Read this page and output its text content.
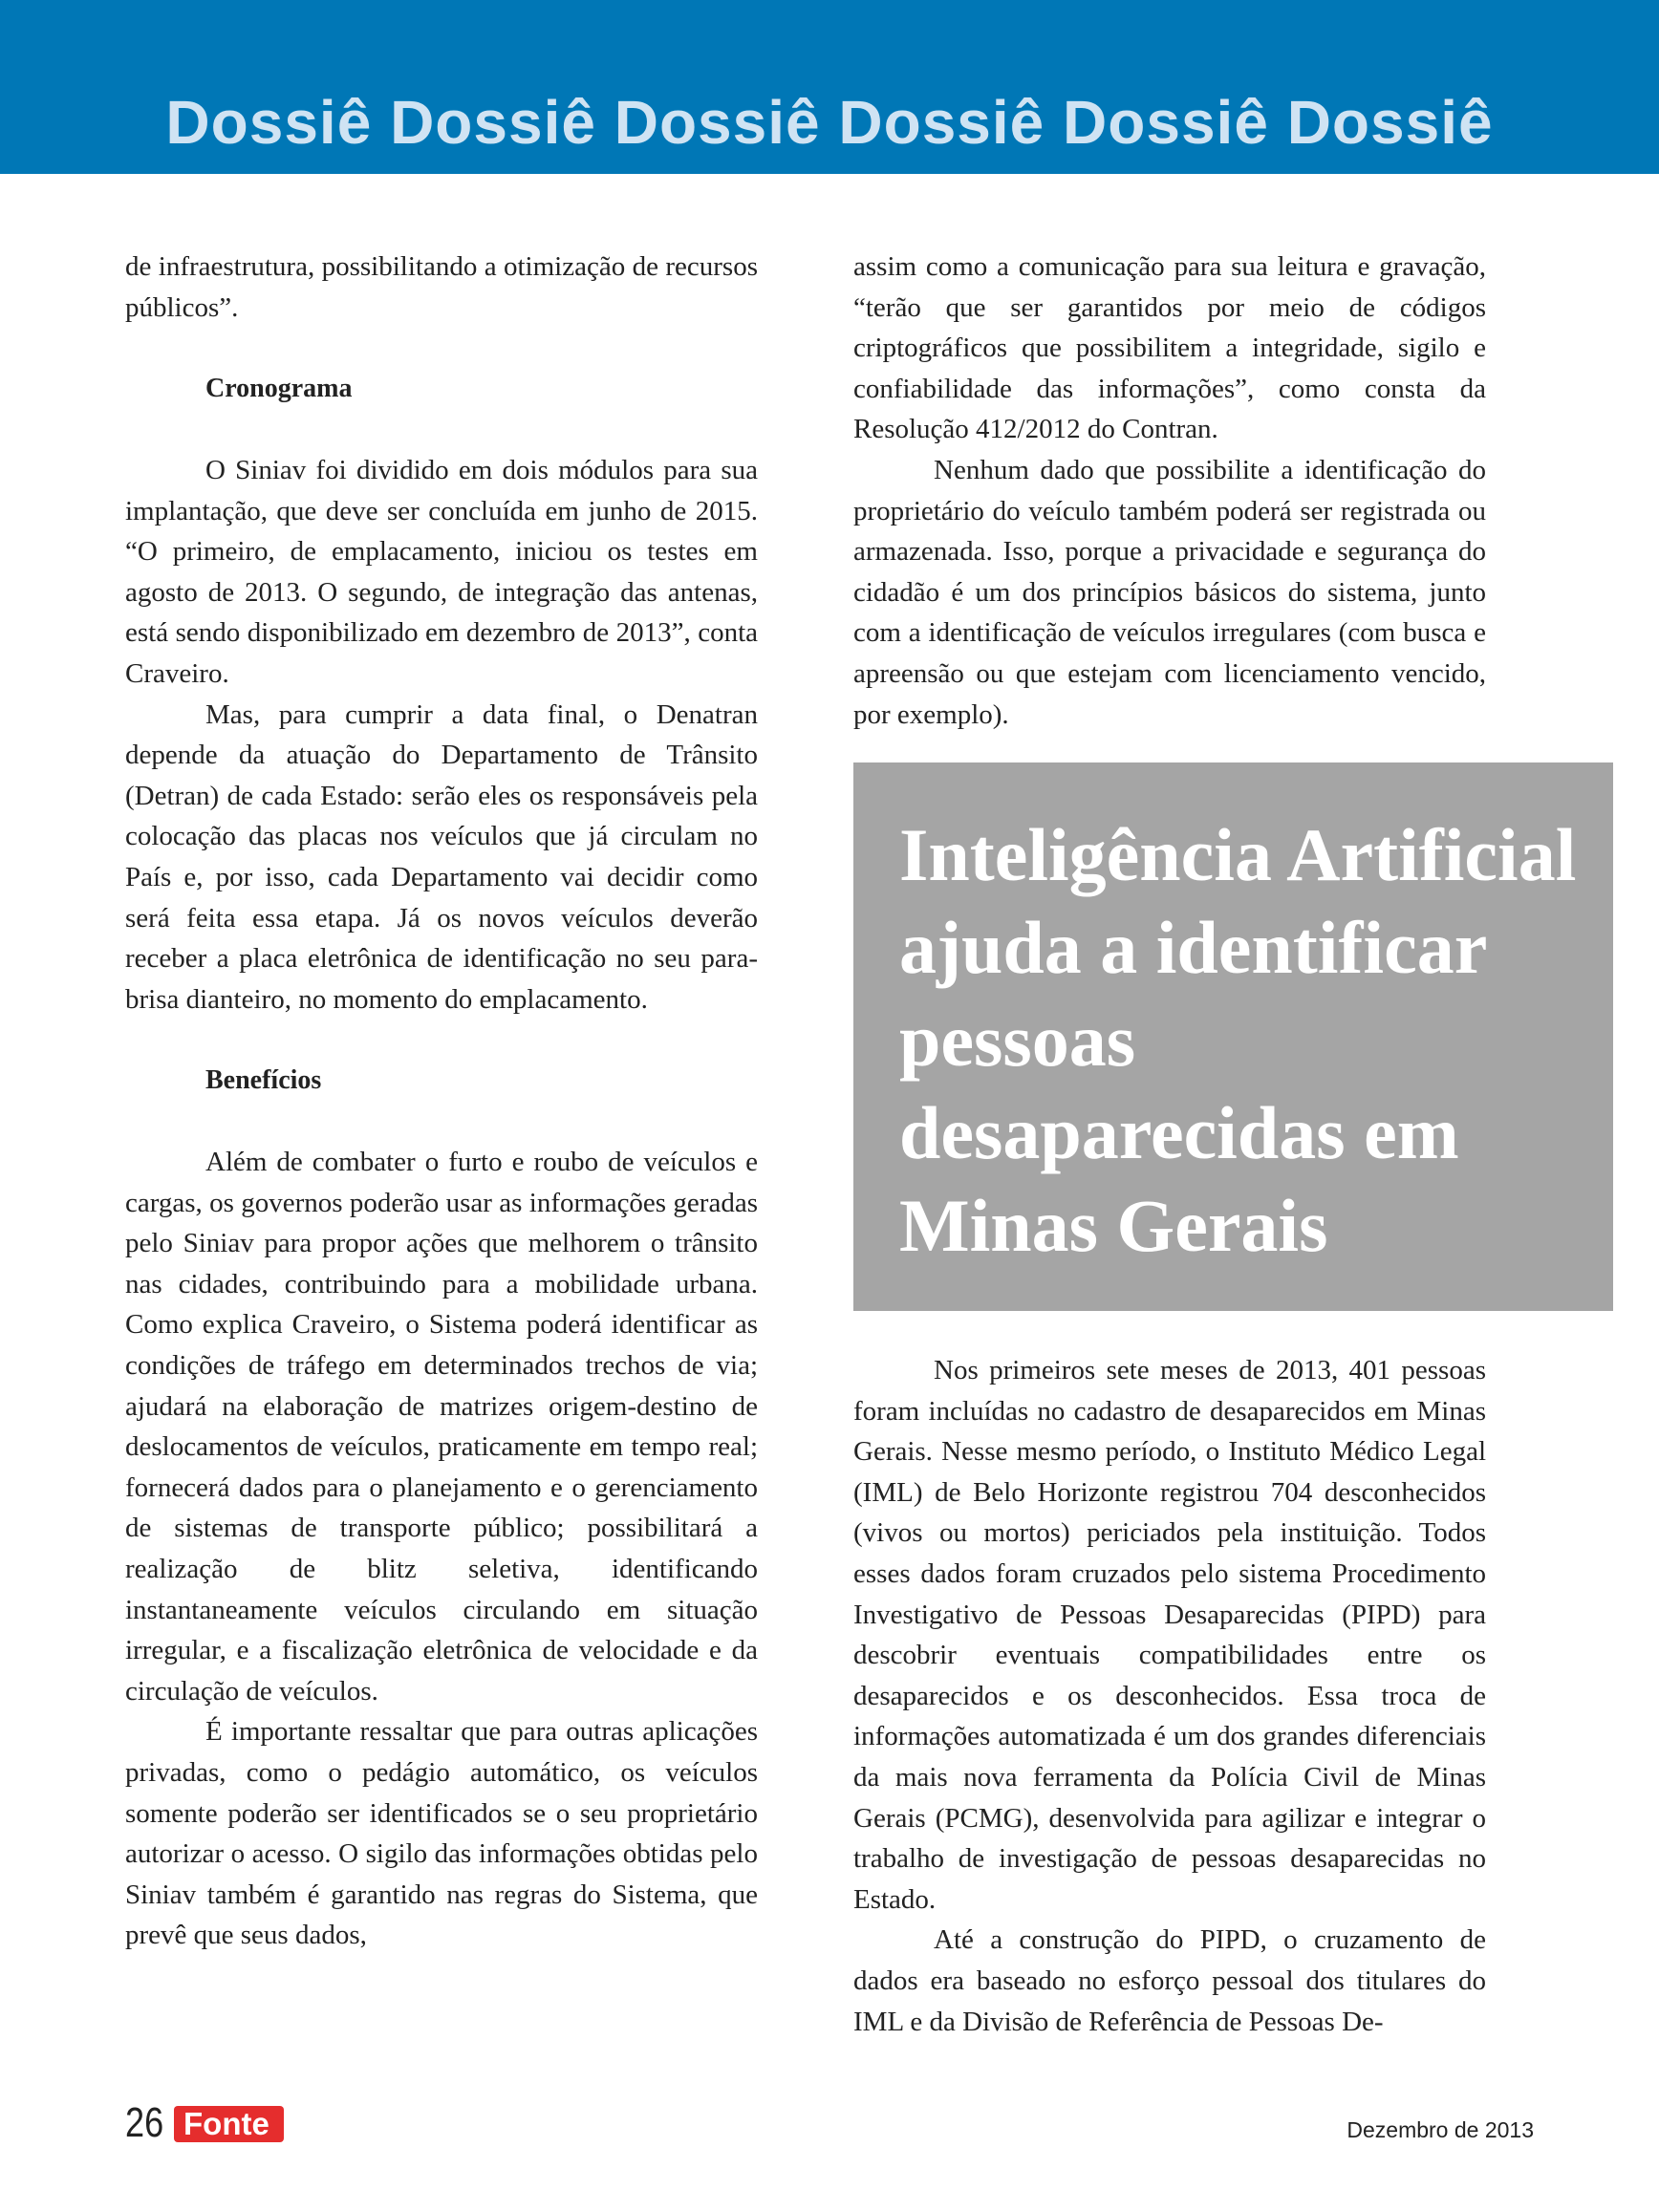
Dossiê Dossiê Dossiê Dossiê Dossiê Dossiê

de infraestrutura, possibilitando a otimização de recursos públicos”.

Cronograma

O Siniav foi dividido em dois módulos para sua implantação, que deve ser concluída em junho de 2015. “O primeiro, de emplacamento, iniciou os testes em agosto de 2013. O segundo, de integração das antenas, está sendo disponibilizado em dezembro de 2013”, conta Craveiro.

Mas, para cumprir a data final, o Denatran depende da atuação do Departamento de Trânsito (Detran) de cada Estado: serão eles os responsáveis pela colocação das placas nos veículos que já circulam no País e, por isso, cada Departamento vai decidir como será feita essa etapa. Já os novos veículos deverão receber a placa eletrônica de identificação no seu para-brisa dianteiro, no momento do emplacamento.

Benefícios

Além de combater o furto e roubo de veículos e cargas, os governos poderão usar as informações geradas pelo Siniav para propor ações que melhorem o trânsito nas cidades, contribuindo para a mobilidade urbana. Como explica Craveiro, o Sistema poderá identificar as condições de tráfego em determinados trechos de via; ajudará na elaboração de matrizes origem-destino de deslocamentos de veículos, praticamente em tempo real; fornecerá dados para o planejamento e o gerenciamento de sistemas de transporte público; possibilitará a realização de blitz seletiva, identificando instantaneamente veículos circulando em situação irregular, e a fiscalização eletrônica de velocidade e da circulação de veículos.

É importante ressaltar que para outras aplicações privadas, como o pedágio automático, os veículos somente poderão ser identificados se o seu proprietário autorizar o acesso. O sigilo das informações obtidas pelo Siniav também é garantido nas regras do Sistema, que prevê que seus dados,

assim como a comunicação para sua leitura e gravação, “terão que ser garantidos por meio de códigos criptográficos que possibilitem a integridade, sigilo e confiabilidade das informações”, como consta da Resolução 412/2012 do Contran.

Nenhum dado que possibilite a identificação do proprietário do veículo também poderá ser registrada ou armazenada. Isso, porque a privacidade e segurança do cidadão é um dos princípios básicos do sistema, junto com a identificação de veículos irregulares (com busca e apreensão ou que estejam com licenciamento vencido, por exemplo).

Inteligência Artificial ajuda a identificar pessoas desaparecidas em Minas Gerais

Nos primeiros sete meses de 2013, 401 pessoas foram incluídas no cadastro de desaparecidos em Minas Gerais. Nesse mesmo período, o Instituto Médico Legal (IML) de Belo Horizonte registrou 704 desconhecidos (vivos ou mortos) periciados pela instituição. Todos esses dados foram cruzados pelo sistema Procedimento Investigativo de Pessoas Desaparecidas (PIPD) para descobrir eventuais compatibilidades entre os desaparecidos e os desconhecidos. Essa troca de informações automatizada é um dos grandes diferenciais da mais nova ferramenta da Polícia Civil de Minas Gerais (PCMG), desenvolvida para agilizar e integrar o trabalho de investigação de pessoas desaparecidas no Estado.

Até a construção do PIPD, o cruzamento de dados era baseado no esforço pessoal dos titulares do IML e da Divisão de Referência de Pessoas De-

26 Fonte	Dezembro de 2013
